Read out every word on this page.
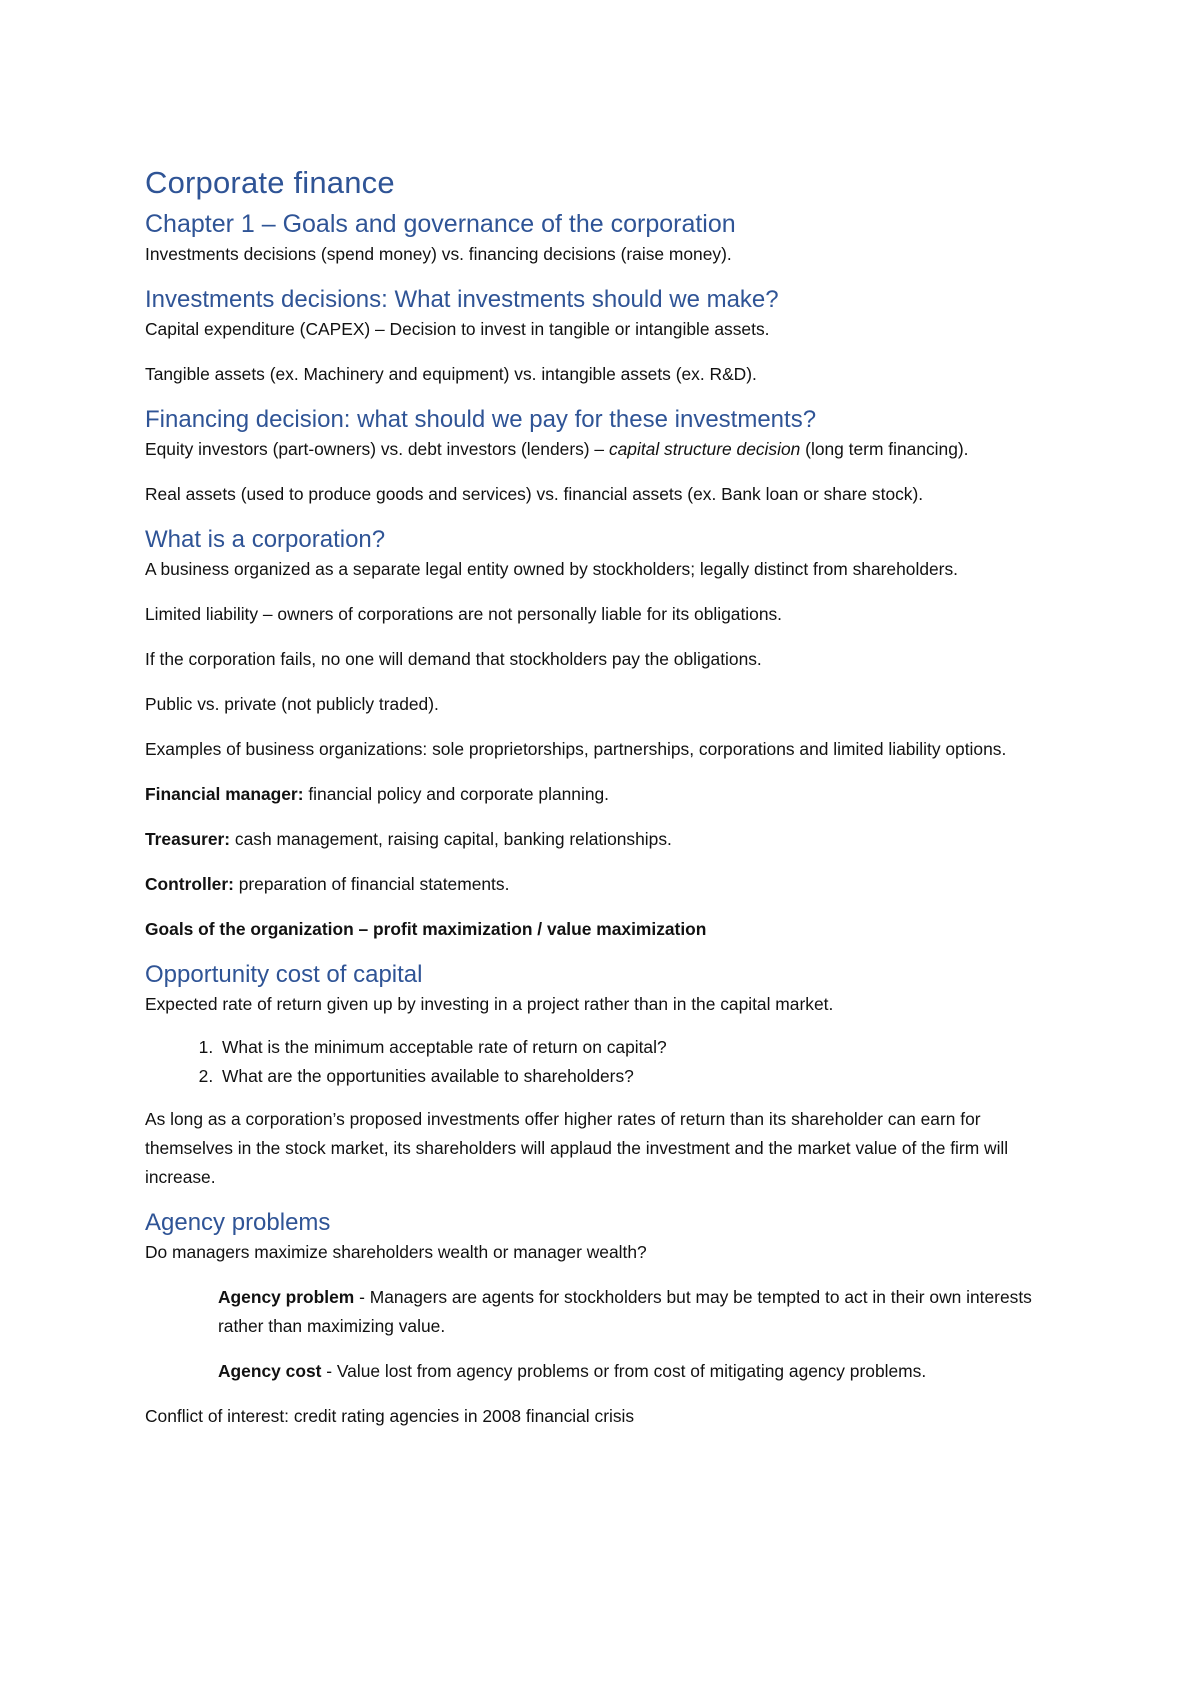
Corporate finance
Chapter 1 – Goals and governance of the corporation

Investments decisions (spend money) vs. financing decisions (raise money).

Investments decisions: What investments should we make?

Capital expenditure (CAPEX) – Decision to invest in tangible or intangible assets.

Tangible assets (ex. Machinery and equipment) vs. intangible assets (ex. R&D).

Financing decision: what should we pay for these investments?

Equity investors (part-owners) vs. debt investors (lenders) – capital structure decision (long term financing).

Real assets (used to produce goods and services) vs. financial assets (ex. Bank loan or share stock).

What is a corporation?

A business organized as a separate legal entity owned by stockholders; legally distinct from shareholders.

Limited liability – owners of corporations are not personally liable for its obligations.

If the corporation fails, no one will demand that stockholders pay the obligations.

Public vs. private (not publicly traded).

Examples of business organizations: sole proprietorships, partnerships, corporations and limited liability options.

Financial manager: financial policy and corporate planning.

Treasurer: cash management, raising capital, banking relationships.

Controller: preparation of financial statements.

Goals of the organization – profit maximization / value maximization

Opportunity cost of capital

Expected rate of return given up by investing in a project rather than in the capital market.

1. What is the minimum acceptable rate of return on capital?
2. What are the opportunities available to shareholders?

As long as a corporation’s proposed investments offer higher rates of return than its shareholder can earn for themselves in the stock market, its shareholders will applaud the investment and the market value of the firm will increase.

Agency problems

Do managers maximize shareholders wealth or manager wealth?

Agency problem - Managers are agents for stockholders but may be tempted to act in their own interests rather than maximizing value.

Agency cost - Value lost from agency problems or from cost of mitigating agency problems.

Conflict of interest: credit rating agencies in 2008 financial crisis
